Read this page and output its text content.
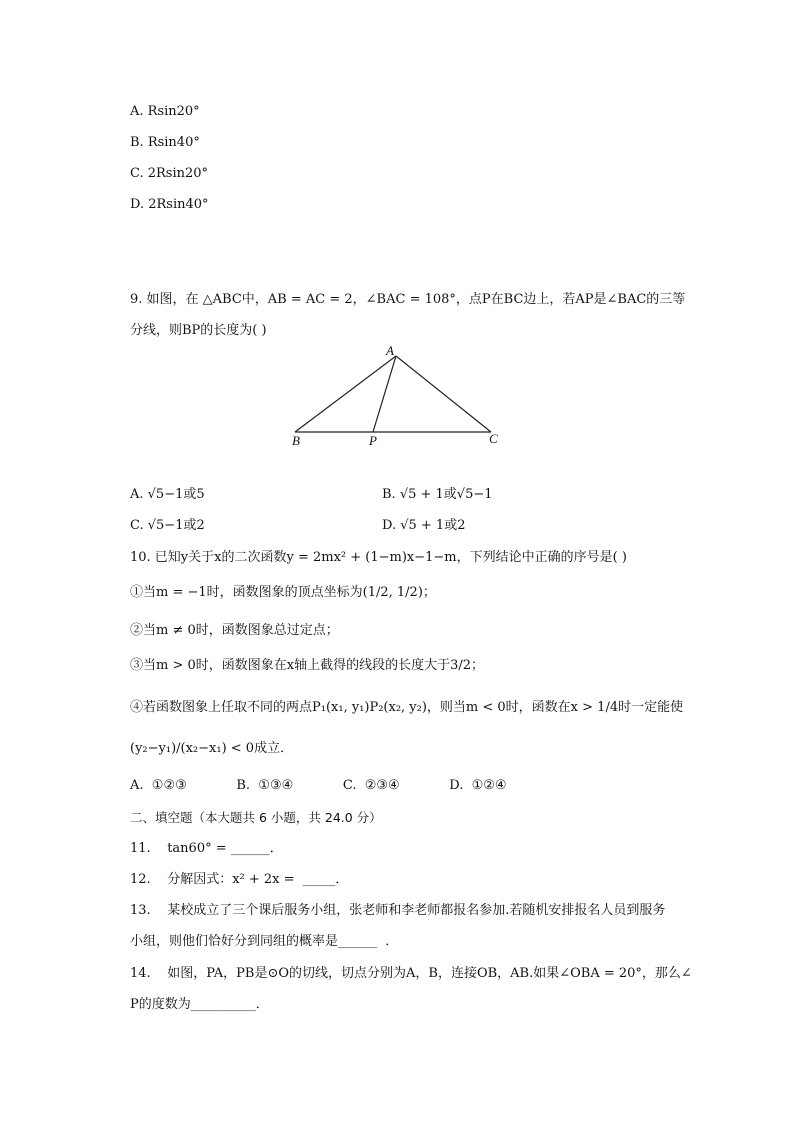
A. Rsin20°
B. Rsin40°
C. 2Rsin20°
D. 2Rsin40°
9. 如图，在 △ABC中，AB = AC = 2，∠BAC = 108°，点P在BC边上，若AP是∠BAC的三等
分线，则BP的长度为( )
A
B	P	C
A. √5−1或5	B. √5 + 1或√5−1
C. √5−1或2	D. √5 + 1或2
10. 已知y关于x的二次函数y = 2mx² + (1−m)x−1−m，下列结论中正确的序号是( )
①当m = −1时，函数图象的顶点坐标为(1/2, 1/2)；
②当m ≠ 0时，函数图象总过定点；
③当m > 0时，函数图象在x轴上截得的线段的长度大于3/2；
④若函数图象上任取不同的两点P₁(x₁, y₁)P₂(x₂, y₂)，则当m < 0时，函数在x > 1/4时一定能使
(y₂−y₁)/(x₂−x₁) < 0成立．
A.  ①②③            B.  ①③④            C.  ②③④            D.  ①②④
二、填空题（本大题共 6 小题，共 24.0 分）
11.    tan60° = ______．
12.    分解因式：x² + 2x =  _____．
13.    某校成立了三个课后服务小组，张老师和李老师都报名参加.若随机安排报名人员到服务
小组，则他们恰好分到同组的概率是______  ．
14.    如图，PA，PB是⊙O的切线，切点分别为A，B，连接OB，AB.如果∠OBA = 20°，那么∠
P的度数为__________．
